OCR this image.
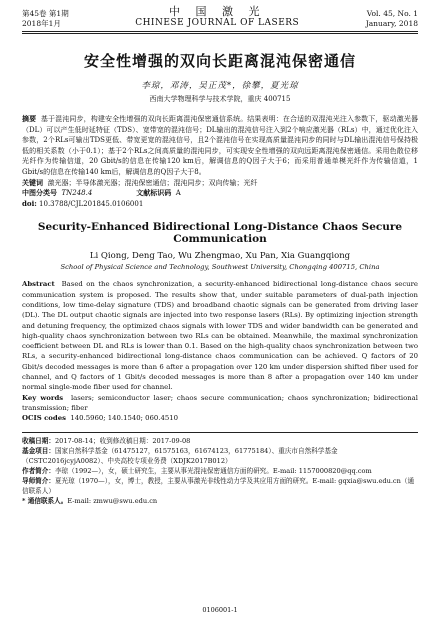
第45卷 第1期
2018年1月
中 国 激 光
CHINESE JOURNAL OF LASERS
Vol. 45, No. 1
January, 2018
安全性增强的双向长距离混沌保密通信
李琼，邓涛，吴正茂*，徐攀，夏光琼
西南大学物理科学与技术学院，重庆 400715
摘要 基于混沌同步，构建安全性增强的双向长距离混沌保密通信系统。结果表明：在合适的双混沌光注入参数下，驱动激光器（DL）可以产生低时延特征（TDS）、宽带宽的混沌信号；DL输出的混沌信号注入到2个响应激光器（RLs）中，通过优化注入参数，2个RLs可输出TDS更低、带宽更宽的混沌信号，且2个混沌信号在实现高质量混沌同步的同时与DL输出混沌信号保持极低的相关系数（小于0.1）；基于2个RLs之间高质量的混沌同步，可实现安全性增强的双向远距离混沌保密通信。采用色散位移光纤作为传输信道，20 Gbit/s的信息在传输120 km后，解调信息的Q因子大于6；而采用普通单模光纤作为传输信道，1 Gbit/s的信息在传输140 km后，解调信息的Q因子大于8。
关键词 激光器；半导体激光器；混沌保密通信；混沌同步；双向传输；光纤
中图分类号 TN248.4	文献标识码 A
doi: 10.3788/CJL201845.0106001
Security-Enhanced Bidirectional Long-Distance Chaos Secure Communication
Li Qiong, Deng Tao, Wu Zhengmao, Xu Pan, Xia Guangqiong
School of Physical Science and Technology, Southwest University, Chongqing 400715, China
Abstract Based on the chaos synchronization, a security-enhanced bidirectional long-distance chaos secure communication system is proposed. The results show that, under suitable parameters of dual-path injection conditions, low time-delay signature (TDS) and broadband chaotic signals can be generated from driving laser (DL). The DL output chaotic signals are injected into two response lasers (RLs). By optimizing injection strength and detuning frequency, the optimized chaos signals with lower TDS and wider bandwidth can be generated and high-quality chaos synchronization between two RLs can be obtained. Meanwhile, the maximal synchronization coefficient between DL and RLs is lower than 0.1. Based on the high-quality chaos synchronization between two RLs, a security-enhanced bidirectional long-distance chaos communication can be achieved. Q factors of 20 Gbit/s decoded messages is more than 6 after a propagation over 120 km under dispersion shifted fiber used for channel, and Q factors of 1 Gbit/s decoded messages is more than 8 after a propagation over 140 km under normal single-mode fiber used for channel.
Key words lasers; semiconductor laser; chaos secure communication; chaos synchronization; bidirectional transmission; fiber
OCIS codes 140.5960; 140.1540; 060.4510

收稿日期：2017-08-14；收到修改稿日期：2017-09-08

基金项目：国家自然科学基金（61475127，61575163，61674123，61775184）、重庆市自然科学基金（CSTC2016jcyjA0082）、中央高校专项业务费（XDJK2017B012）

作者简介：李琼（1992—），女，硕士研究生，主要从事光混沌保密通信方面的研究。E-mail: 1157000820@qq.com

导师简介：夏光琼（1970—），女，博士，教授，主要从事激光非线性动力学及其应用方面的研究。E-mail: gqxia@swu.edu.cn（通信联系人）

* 通信联系人。E-mail: zmwu@swu.edu.cn

0106001-1
